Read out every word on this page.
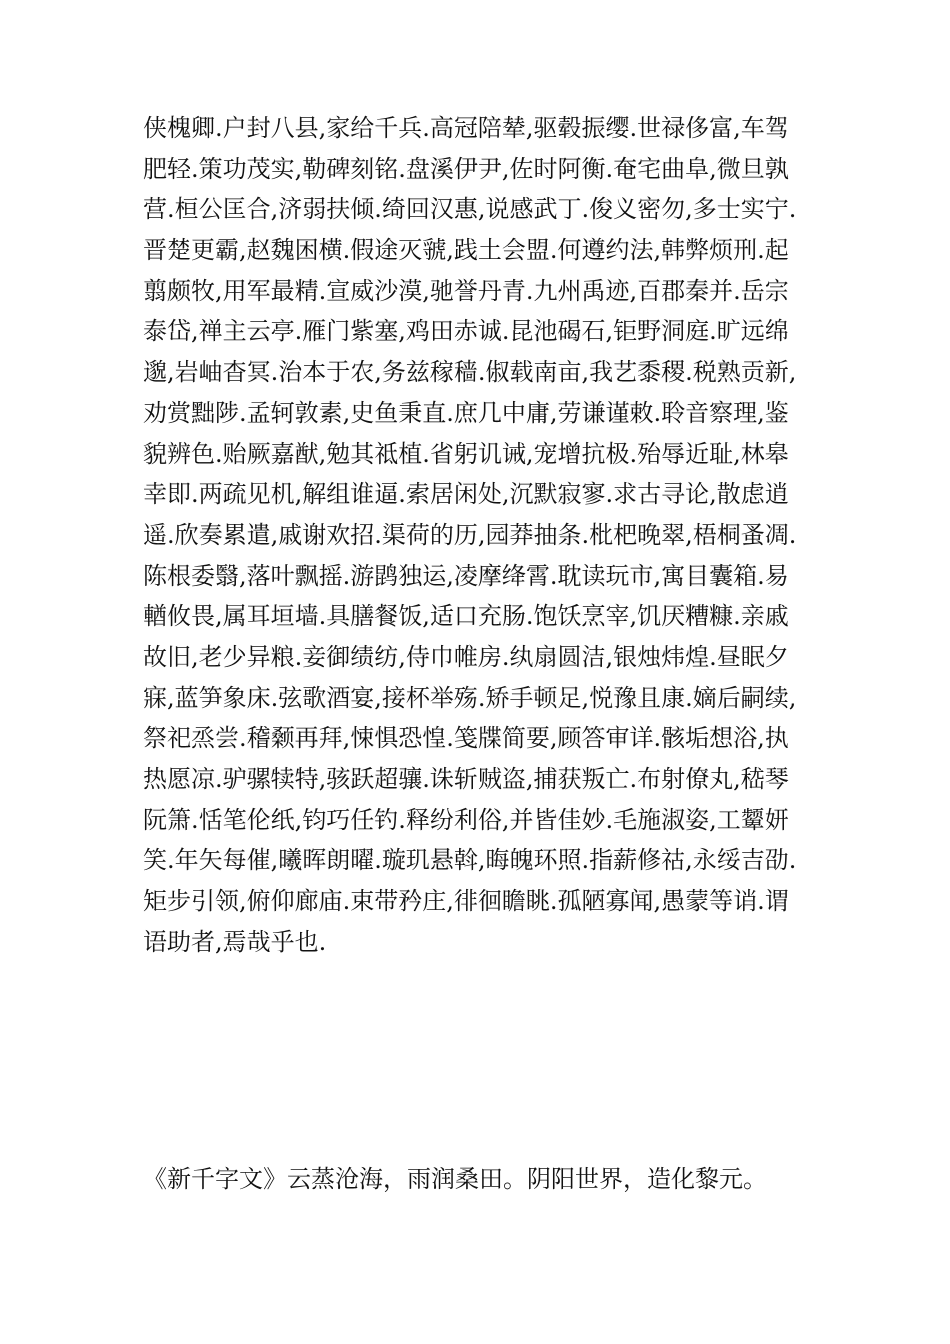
侠槐卿.户封八县,家给千兵.高冠陪辇,驱毂振缨.世禄侈富,车驾
肥轻.策功茂实,勒碑刻铭.盘溪伊尹,佐时阿衡.奄宅曲阜,微旦孰
营.桓公匡合,济弱扶倾.绮回汉惠,说感武丁.俊义密勿,多士实宁.
晋楚更霸,赵魏困横.假途灭虢,践土会盟.何遵约法,韩弊烦刑.起
翦颇牧,用军最精.宣威沙漠,驰誉丹青.九州禹迹,百郡秦并.岳宗
泰岱,禅主云亭.雁门紫塞,鸡田赤诚.昆池碣石,钜野洞庭.旷远绵
邈,岩岫杳冥.治本于农,务兹稼穑.俶载南亩,我艺黍稷.税熟贡新,
劝赏黜陟.孟轲敦素,史鱼秉直.庶几中庸,劳谦谨敕.聆音察理,鉴
貌辨色.贻厥嘉猷,勉其祗植.省躬讥诫,宠增抗极.殆辱近耻,林皋
幸即.两疏见机,解组谁逼.索居闲处,沉默寂寥.求古寻论,散虑逍
遥.欣奏累遣,戚谢欢招.渠荷的历,园莽抽条.枇杷晚翠,梧桐蚤凋.
陈根委翳,落叶飘摇.游鹍独运,凌摩绛霄.耽读玩市,寓目囊箱.易
輶攸畏,属耳垣墙.具膳餐饭,适口充肠.饱饫烹宰,饥厌糟糠.亲戚
故旧,老少异粮.妾御绩纺,侍巾帷房.纨扇圆洁,银烛炜煌.昼眠夕
寐,蓝笋象床.弦歌酒宴,接杯举殇.矫手顿足,悦豫且康.嫡后嗣续,
祭祀烝尝.稽颡再拜,悚惧恐惶.笺牒简要,顾答审详.骸垢想浴,执
热愿凉.驴骡犊特,骇跃超骧.诛斩贼盗,捕获叛亡.布射僚丸,嵇琴
阮箫.恬笔伦纸,钧巧任钓.释纷利俗,并皆佳妙.毛施淑姿,工颦妍
笑.年矢每催,曦晖朗曜.璇玑悬斡,晦魄环照.指薪修祜,永绥吉劭.
矩步引领,俯仰廊庙.束带矜庄,徘徊瞻眺.孤陋寡闻,愚蒙等诮.谓
语助者,焉哉乎也.

《新千字文》云蒸沧海，雨润桑田。阴阳世界，造化黎元。
